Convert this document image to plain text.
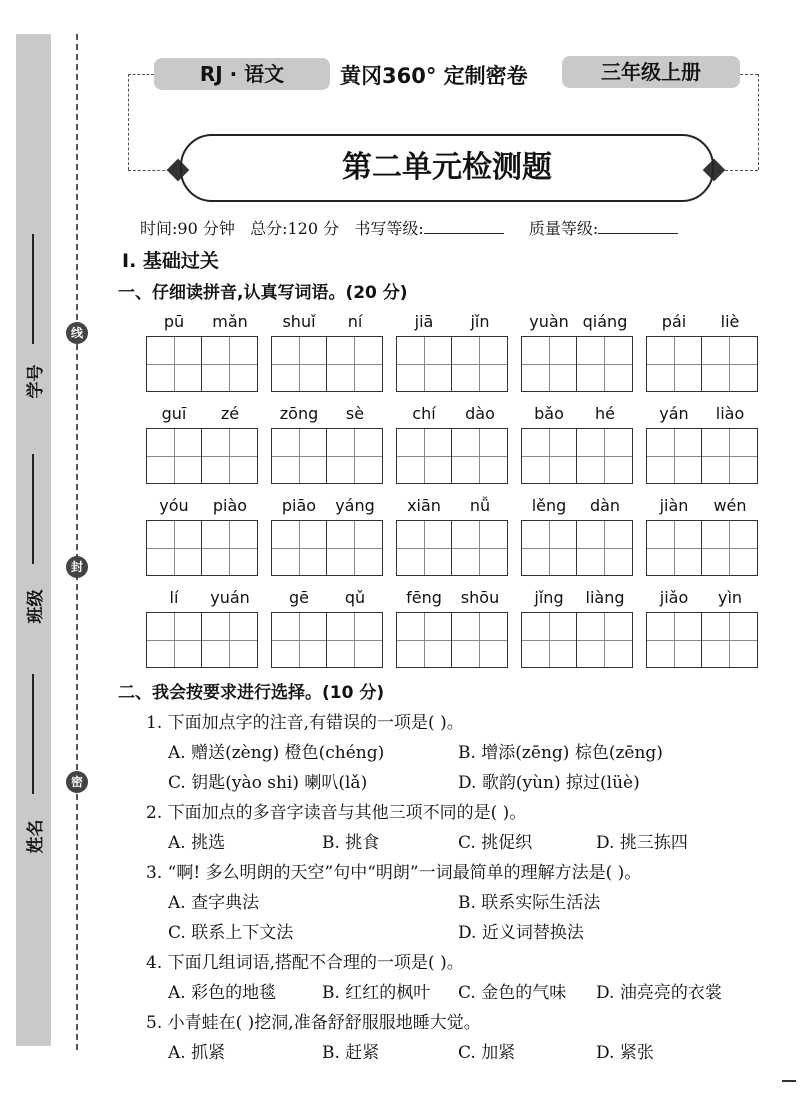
学号
班级
姓名
线
封
密
RJ · 语文	黄冈360° 定制密卷	三年级上册
第二单元检测题
时间:90 分钟 总分:120 分 书写等级:	质量等级:
Ⅰ. 基础过关
一、仔细读拼音,认真写词语。(20 分)
pū	mǎn	shuǐ	ní	jiā	jǐn	yuàn qiáng	pái	liè
guī	zé	zōng	sè	chí	dào	bǎo	hé	yán	liào
yóu	piào	piāo	yáng	xiān	nǚ	lěng	dàn	jiàn	wén
lí	yuán	gē	qǔ	fēng	shōu	jǐng	liàng	jiǎo	yìn
二、我会按要求进行选择。(10 分)
1. 下面加点字的注音,有错误的一项是( )。
A. 赠送(zèng) 橙色(chéng)	B. 增添(zēng) 棕色(zēng)
C. 钥匙(yào shi) 喇叭(lǎ)	D. 歌韵(yùn) 掠过(lüè)
2. 下面加点的多音字读音与其他三项不同的是( )。
A. 挑选	B. 挑食	C. 挑促织	D. 挑三拣四
3. “啊! 多么明朗的天空”句中“明朗”一词最简单的理解方法是( )。
A. 查字典法	B. 联系实际生活法
C. 联系上下文法	D. 近义词替换法
4. 下面几组词语,搭配不合理的一项是( )。
A. 彩色的地毯	B. 红红的枫叶 C. 金色的气味 D. 油亮亮的衣裳
5. 小青蛙在( )挖洞,准备舒舒服服地睡大觉。
A. 抓紧	B. 赶紧	C. 加紧	D. 紧张
